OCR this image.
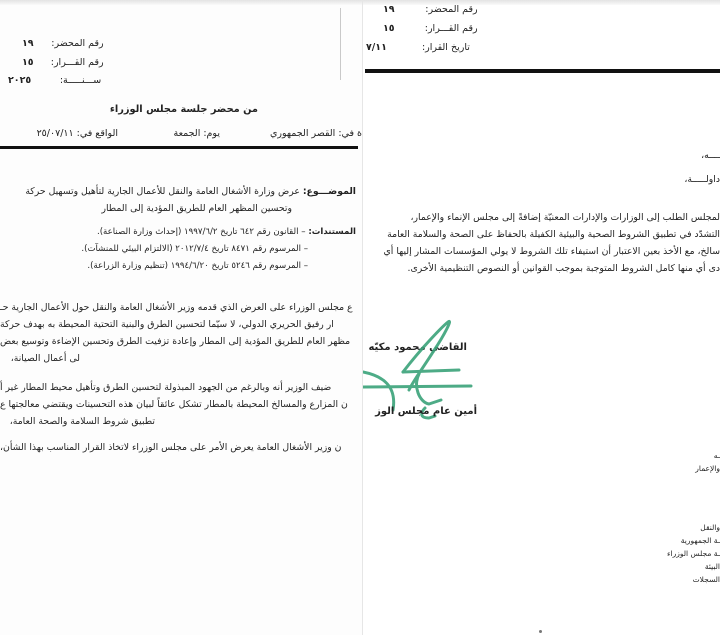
رقم المحضر:
١٩
رقم القـــرار:
١٥
ســـنـــــة:
٢٠٢٥
من محضر جلسة مجلس الوزراء
ة في: القصر الجمهوري
يوم: الجمعة
الواقع في: ٢٥/٠٧/١١
الموضـــوع: عرض وزارة الأشغال العامة والنقل للأعمال الجارية لتأهيل وتسهيل حركة
وتحسين المظهر العام للطريق المؤدية إلى المطار
المستندات: – القانون رقم ٦٤٢ تاريخ ١٩٩٧/٦/٢ (إحداث وزارة الصناعة).
– المرسوم رقم ٨٤٧١ تاريخ ٢٠١٢/٧/٤ (الالتزام البيئي للمنشآت).
– المرسوم رقم ٥٢٤٦ تاريخ ١٩٩٤/٦/٢٠ (تنظيم وزارة الزراعة).
ع مجلس الوزراء على العرض الذي قدمه وزير الأشغال العامة والنقل حول الأعمال الجارية حـ
ار رفيق الحريري الدولي، لا سيّما لتحسين الطرق والبنية التحتية المحيطة به بهدف حركة
مظهر العام للطريق المؤدية إلى المطار وإعادة تزفيت الطرق وتحسين الإضاءة وتوسيع بعض
لى أعمال الصيانة،
ضيف الوزير أنه وبالرغم من الجهود المبذولة لتحسين الطرق وتأهيل محيط المطار غير أ
ن المزارع والمسالخ المحيطة بالمطار تشكل عائقاً لبيان هذه التحسينات ويقتضي معالجتها ع
تطبيق شروط السلامة والصحة العامة،
ن وزير الأشغال العامة يعرض الأمر على مجلس الوزراء لاتخاذ القرار المناسب بهذا الشأن،
رقم المحضر:
١٩
رقم القـــرار:
١٥
تاريخ القرار:
٧/١١
ــــه،
داولـــــة،
لمجلس الطلب إلى الوزارات والإدارات المعنيّة إضافةً إلى مجلس الإنماء والإعمار،
التشدّد في تطبيق الشروط الصحية والبيئية الكفيلة بالحفاظ على الصحة والسلامة العامة
سالخ، مع الأخذ بعين الاعتبار أن استيفاء تلك الشروط لا يولي المؤسسات المشار إليها أي
دى أي منها كامل الشروط المتوجبة بموجب القوانين أو النصوص التنظيمية الأخرى.
القاضي محمود مكيّه
أمين عام مجلس الوز
ـه
والإعمار
والنقل
ـة الجمهورية
ـة مجلس الوزراء
البيئة
السجلات
